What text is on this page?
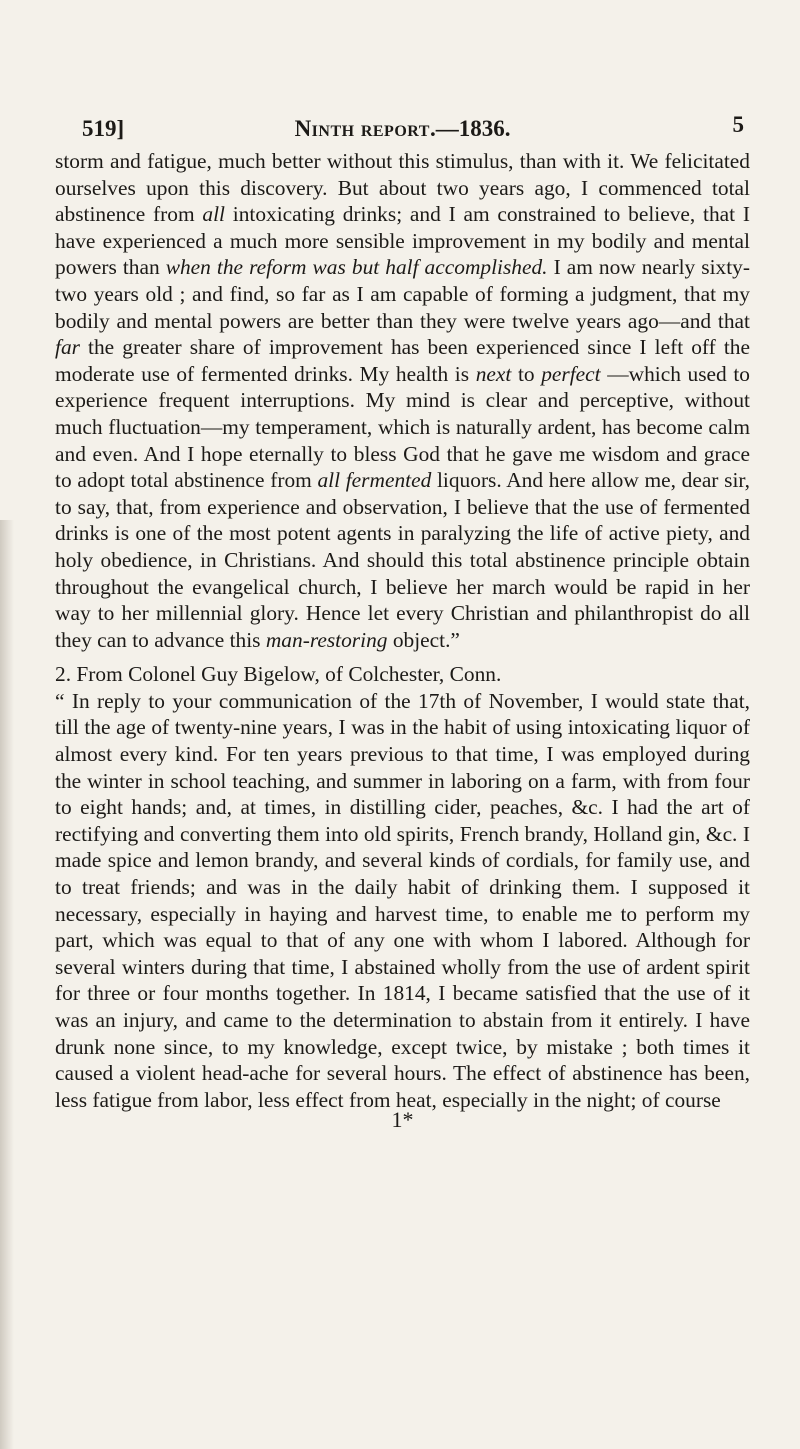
519]	Ninth report.—1836.	5

storm and fatigue, much better without this stimulus, than with it. We felicitated ourselves upon this discovery. But about two years ago, I commenced total abstinence from all intoxicating drinks; and I am constrained to believe, that I have experienced a much more sensible improvement in my bodily and mental powers than when the reform was but half accomplished. I am now nearly sixty-two years old ; and find, so far as I am capable of forming a judgment, that my bodily and mental powers are better than they were twelve years ago—and that far the greater share of improvement has been experienced since I left off the moderate use of fermented drinks. My health is next to perfect —which used to experience frequent interruptions. My mind is clear and perceptive, without much fluctuation—my temperament, which is naturally ardent, has become calm and even. And I hope eternally to bless God that he gave me wisdom and grace to adopt total abstinence from all fermented liquors. And here allow me, dear sir, to say, that, from experience and observation, I believe that the use of fermented drinks is one of the most potent agents in paralyzing the life of active piety, and holy obedience, in Christians. And should this total abstinence principle obtain throughout the evangelical church, I believe her march would be rapid in her way to her millennial glory. Hence let every Christian and philanthropist do all they can to advance this man-restoring object.”

2. From Colonel Guy Bigelow, of Colchester, Conn.

“ In reply to your communication of the 17th of November, I would state that, till the age of twenty-nine years, I was in the habit of using intoxicating liquor of almost every kind. For ten years previous to that time, I was employed during the winter in school teaching, and summer in laboring on a farm, with from four to eight hands; and, at times, in distilling cider, peaches, &c. I had the art of rectifying and converting them into old spirits, French brandy, Holland gin, &c. I made spice and lemon brandy, and several kinds of cordials, for family use, and to treat friends; and was in the daily habit of drinking them. I supposed it necessary, especially in haying and harvest time, to enable me to perform my part, which was equal to that of any one with whom I labored. Although for several winters during that time, I abstained wholly from the use of ardent spirit for three or four months together. In 1814, I became satisfied that the use of it was an injury, and came to the determination to abstain from it entirely. I have drunk none since, to my knowledge, except twice, by mistake ; both times it caused a violent head-ache for several hours. The effect of abstinence has been, less fatigue from labor, less effect from heat, especially in the night; of course

1*
